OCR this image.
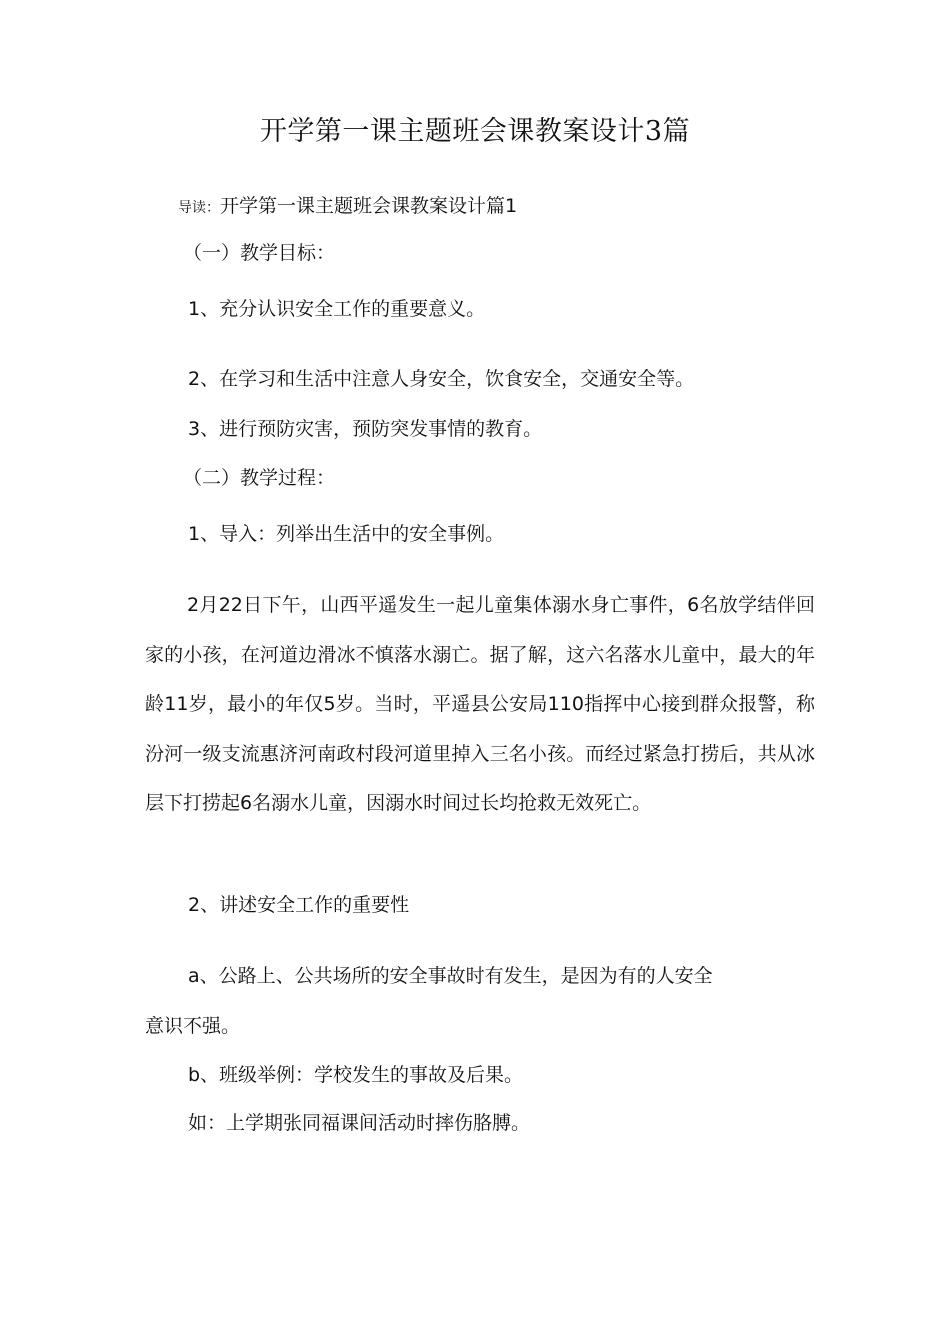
开学第一课主题班会课教案设计3篇
导读：开学第一课主题班会课教案设计篇1
（一）教学目标：
1、充分认识安全工作的重要意义。
2、在学习和生活中注意人身安全，饮食安全，交通安全等。
3、进行预防灾害，预防突发事情的教育。
（二）教学过程：
1、导入：列举出生活中的安全事例。
2月22日下午，山西平遥发生一起儿童集体溺水身亡事件，6名放学结伴回家的小孩，在河道边滑冰不慎落水溺亡。据了解，这六名落水儿童中，最大的年龄11岁，最小的年仅5岁。当时，平遥县公安局110指挥中心接到群众报警，称汾河一级支流惠济河南政村段河道里掉入三名小孩。而经过紧急打捞后，共从冰层下打捞起6名溺水儿童，因溺水时间过长均抢救无效死亡。
2、讲述安全工作的重要性
a、公路上、公共场所的安全事故时有发生，是因为有的人安全
意识不强。
b、班级举例：学校发生的事故及后果。
如：上学期张同福课间活动时摔伤胳膊。
